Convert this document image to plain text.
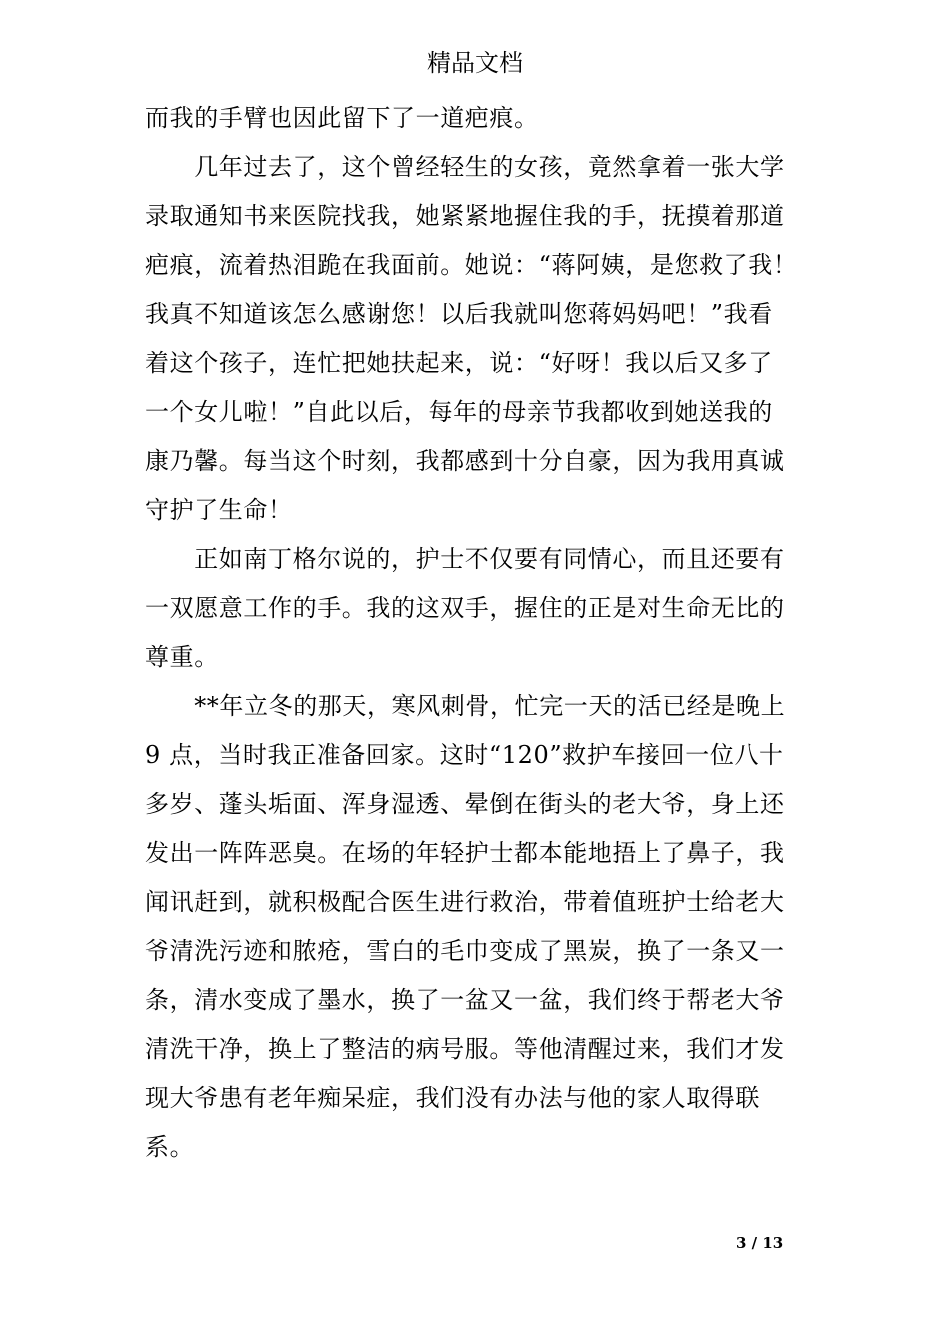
精品文档
而我的手臂也因此留下了一道疤痕。
　　几年过去了，这个曾经轻生的女孩，竟然拿着一张大学
录取通知书来医院找我，她紧紧地握住我的手，抚摸着那道
疤痕，流着热泪跪在我面前。她说：“蒋阿姨，是您救了我！
我真不知道该怎么感谢您！以后我就叫您蒋妈妈吧！”我看
着这个孩子，连忙把她扶起来，说：“好呀！我以后又多了
一个女儿啦！”自此以后，每年的母亲节我都收到她送我的
康乃馨。每当这个时刻，我都感到十分自豪，因为我用真诚
守护了生命！
　　正如南丁格尔说的，护士不仅要有同情心，而且还要有
一双愿意工作的手。我的这双手，握住的正是对生命无比的
尊重。
　　**年立冬的那天，寒风刺骨，忙完一天的活已经是晚上
9 点，当时我正准备回家。这时“120”救护车接回一位八十
多岁、蓬头垢面、浑身湿透、晕倒在街头的老大爷，身上还
发出一阵阵恶臭。在场的年轻护士都本能地捂上了鼻子，我
闻讯赶到，就积极配合医生进行救治，带着值班护士给老大
爷清洗污迹和脓疮，雪白的毛巾变成了黑炭，换了一条又一
条，清水变成了墨水，换了一盆又一盆，我们终于帮老大爷
清洗干净，换上了整洁的病号服。等他清醒过来，我们才发
现大爷患有老年痴呆症，我们没有办法与他的家人取得联
系。
3 / 13
